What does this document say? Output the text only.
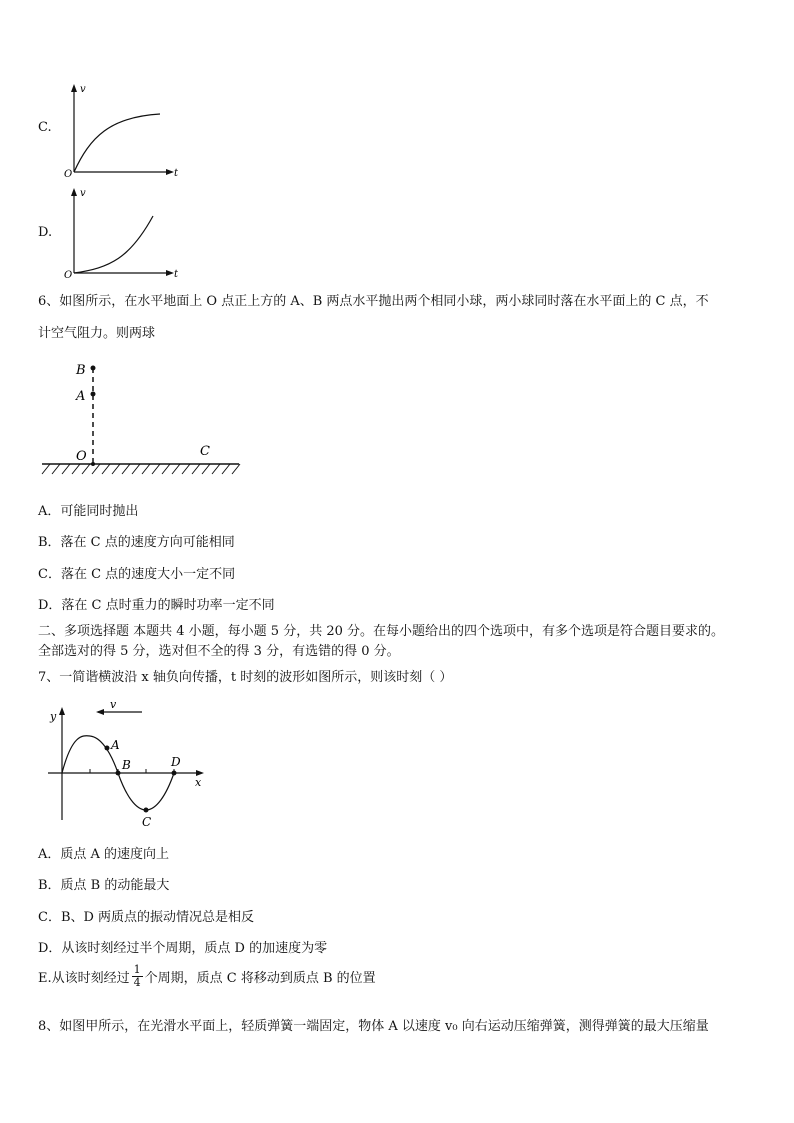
C.
v
t
O
D.
v
t
O
6、如图所示，在水平地面上 O 点正上方的 A、B 两点水平抛出两个相同小球，两小球同时落在水平面上的 C 点，不
计空气阻力。则两球
B
A
O	C
A．可能同时抛出
B．落在 C 点的速度方向可能相同
C．落在 C 点的速度大小一定不同
D．落在 C 点时重力的瞬时功率一定不同
二、多项选择题 本题共 4 小题，每小题 5 分，共 20 分。在每小题给出的四个选项中，有多个选项是符合题目要求的。
全部选对的得 5 分，选对但不全的得 3 分，有选错的得 0 分。
7、一简谐横波沿 x 轴负向传播，t 时刻的波形如图所示，则该时刻（ ）
y
x
v
A
B
C
D
A．质点 A 的速度向上
B．质点 B 的动能最大
C．B、D 两质点的振动情况总是相反
D．从该时刻经过半个周期，质点 D 的加速度为零
E.从该时刻经过 $\frac{1}{4}$ 个周期，质点 C 将移动到质点 B 的位置
8、如图甲所示，在光滑水平面上，轻质弹簧一端固定，物体 A 以速度 v₀ 向右运动压缩弹簧，测得弹簧的最大压缩量
